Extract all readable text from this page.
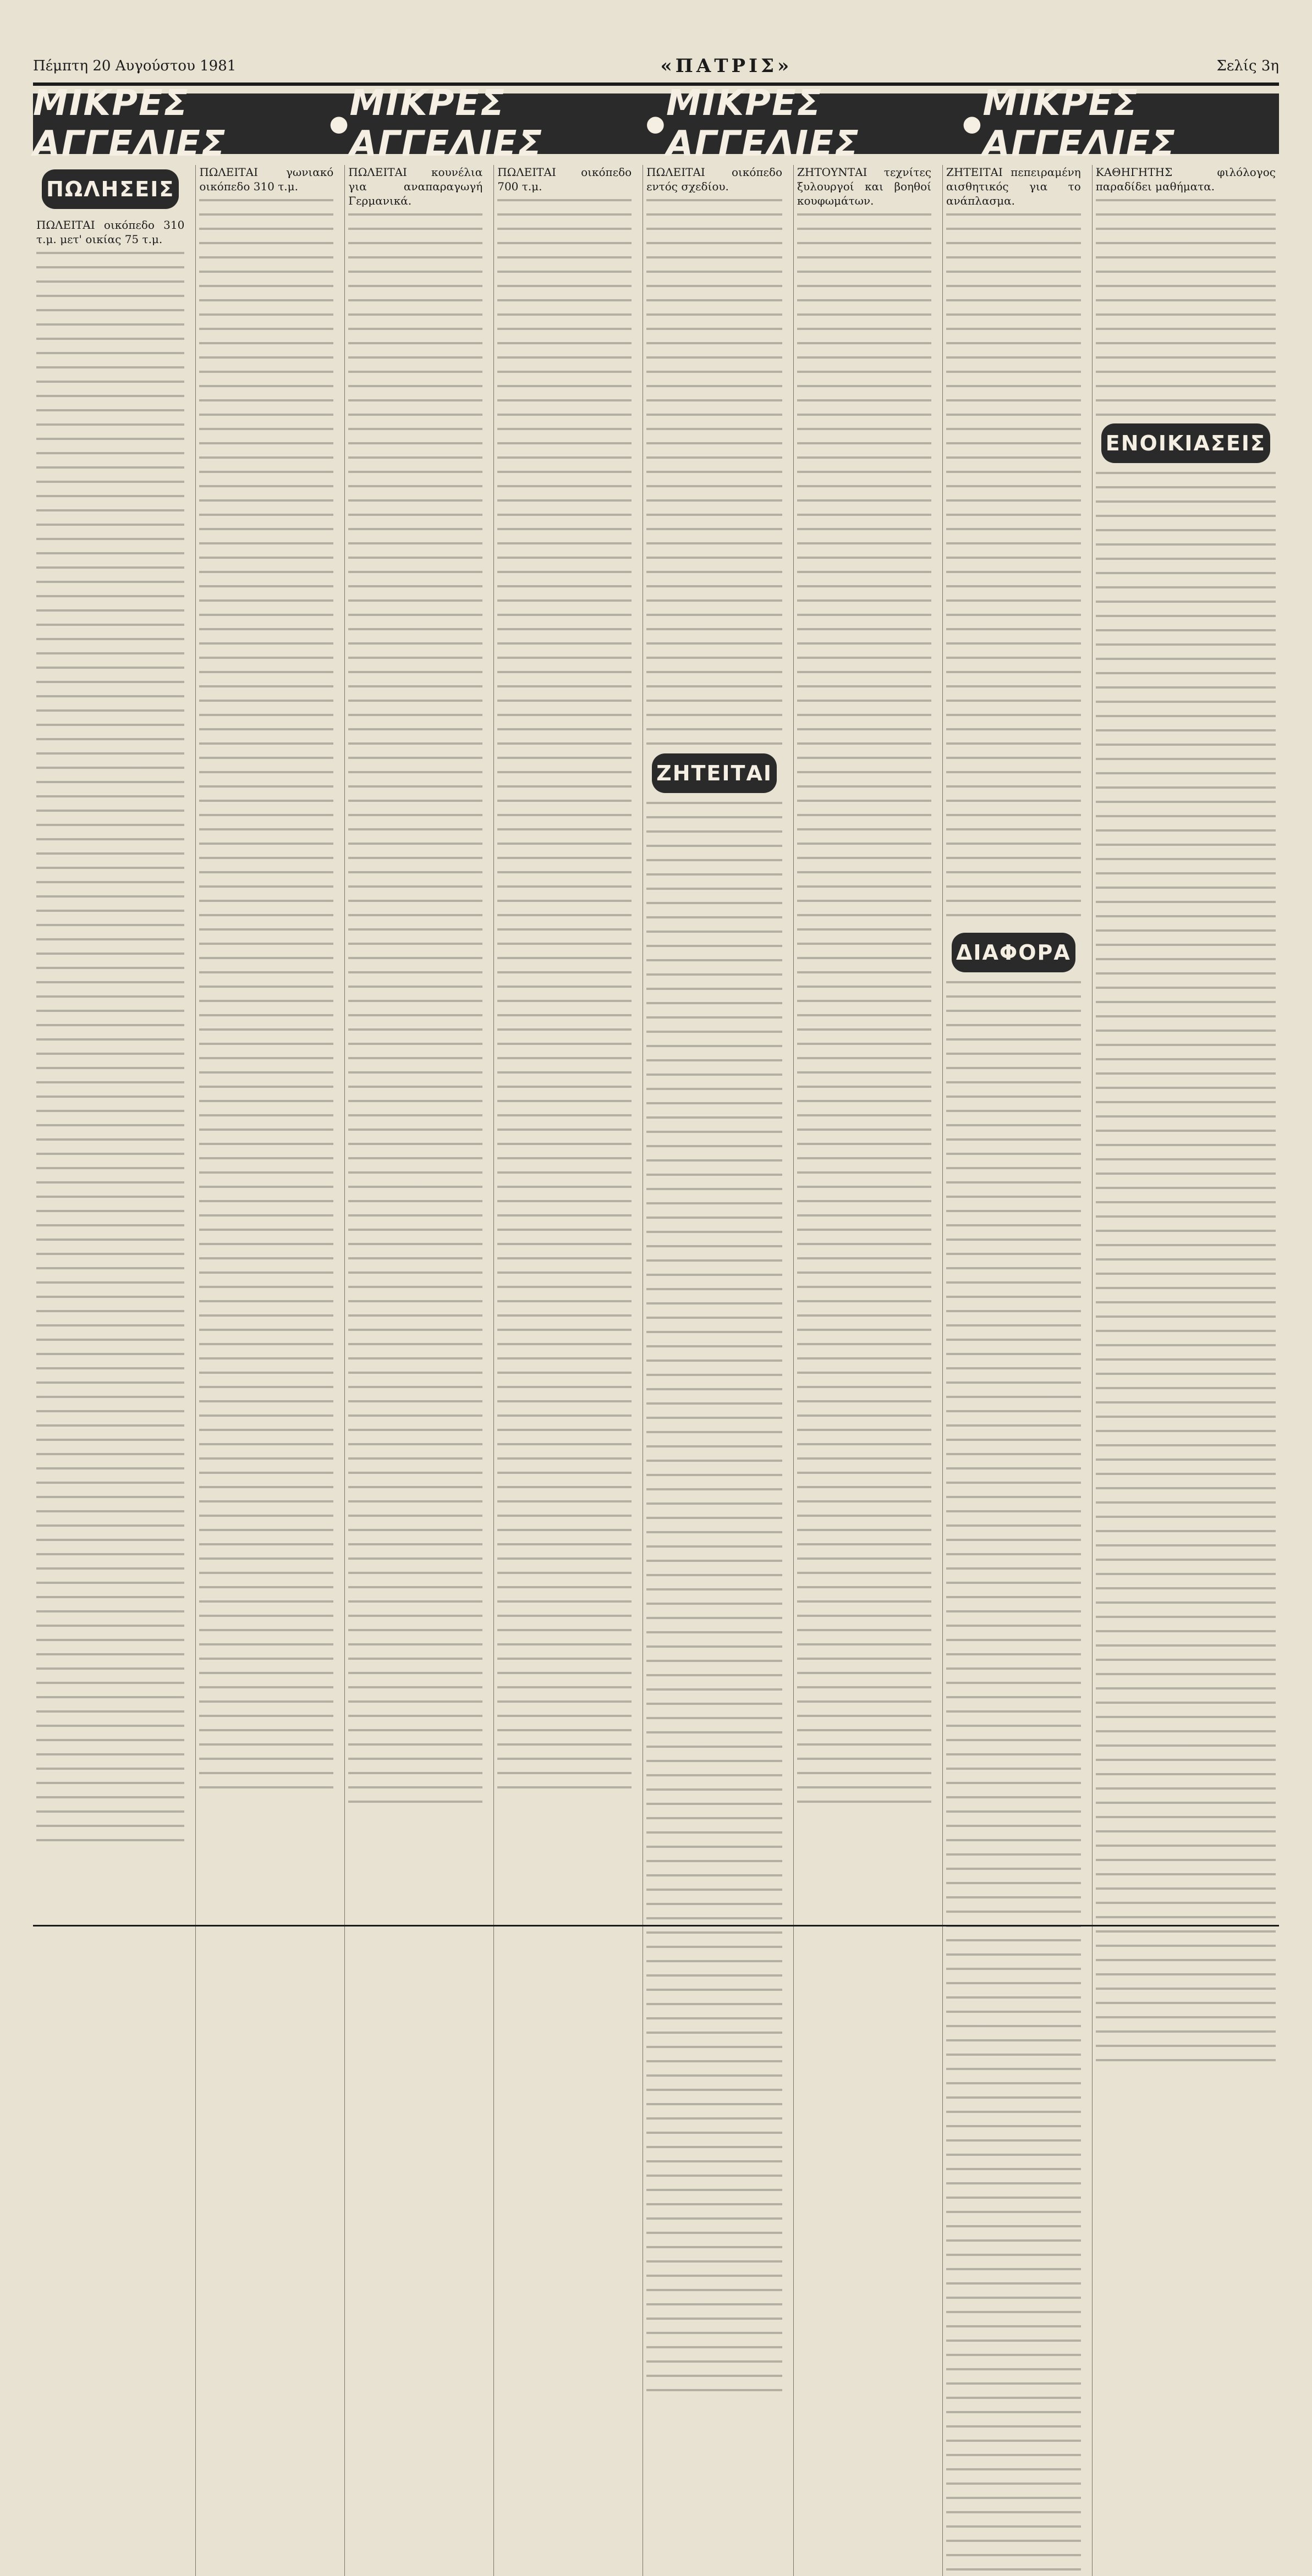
Πέμπτη 20 Αυγούστου 1981	«ΠΑΤΡΙΣ»	Σελίς 3η
ΜΙΚΡΕΣ ΑΓΓΕΛΙΕΣ	● ΜΙΚΡΕΣ ΑΓΓΕΛΙΕΣ	● ΜΙΚΡΕΣ ΑΓΓΕΛΙΕΣ	● ΜΙΚΡΕΣ ΑΓΓΕΛΙΕΣ
ΠΩΛΗΣΕΙΣ

ΠΩΛΕΙΤΑΙ οικόπεδο 310 τ.μ. μετ' οικίας 75 τ.μ.

ΠΩΛΕΙΤΑΙ γωνιακό οικόπεδο 310 τ.μ.

ΠΩΛΕΙΤΑΙ κουνέλια για αναπαραγωγή Γερμανικά.

ΠΩΛΕΙΤΑΙ οικόπεδο 700 τ.μ.

ΠΩΛΕΙΤΑΙ οικόπεδο εντός σχεδίου.

ΖΗΤΕΙΤΑΙ

ΖΗΤΟΥΝΤΑΙ τεχνίτες ξυλουργοί και βοηθοί κουφωμάτων.

ΖΗΤΕΙΤΑΙ πεπειραμένη αισθητικός για το ανάπλασμα.

ΔΙΑΦΟΡΑ

ΚΑΘΗΓΗΤΗΣ φιλόλογος παραδίδει μαθήματα.

ΕΝΟΙΚΙΑΣΕΙΣ
